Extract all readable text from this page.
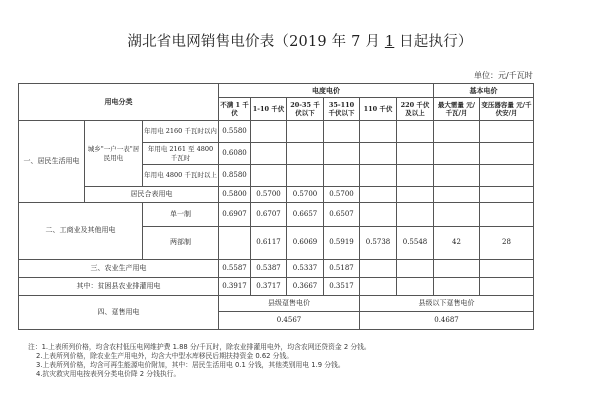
湖北省电网销售电价表（2019 年 7 月 1 日起执行）
单位：元/千瓦时
用电分类			电度电价						基本电价	
			不满 1 千伏	1-10 千伏	20-35 千伏以下	35-110 千伏以下	110 千伏	220 千伏 及以上	最大需量 元/千瓦/月	变压器容量 元/千伏安/月
一、居民生活用电	城乡"一户一表"居民用电	年用电 2160 千瓦时以内	0.5580							
		年用电 2161 至 4800 千瓦时	0.6080							
		年用电 4800 千瓦时以上	0.8580							
	居民合表用电		0.5800	0.5700	0.5700	0.5700				
二、工商业及其他用电		单一制	0.6907	0.6707	0.6657	0.6507				
		两部制		0.6117	0.6069	0.5919	0.5738	0.5548	42	28
三、农业生产用电			0.5587	0.5387	0.5337	0.5187				
其中：贫困县农业排灌用电			0.3917	0.3717	0.3667	0.3517				
四、趸售用电			县级趸售电价				县级以下趸售电价			
			0.4567				0.4687			
注：1.上表所列价格，均含农村低压电网维护费 1.88 分/千瓦时，除农业排灌用电外，均含农网还贷资金 2 分钱。
2.上表所列价格，除农业生产用电外，均含大中型水库移民后期扶持资金 0.62 分钱。
3.上表所列价格，均含可再生能源电价附加，其中：居民生活用电 0.1 分钱，其他类别用电 1.9 分钱。
4.抗灾救灾用电按表列分类电价降 2 分钱执行。
